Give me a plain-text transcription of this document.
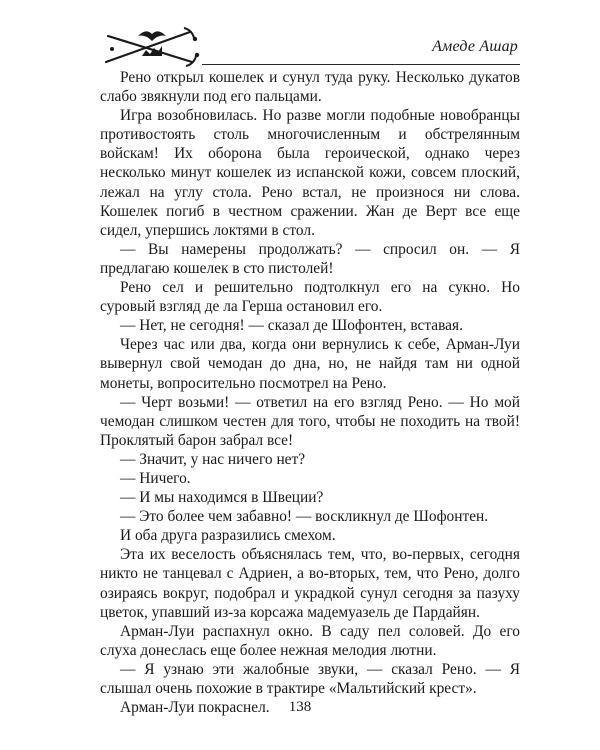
Амеде Ашар

Рено открыл кошелек и сунул туда руку. Несколько дукатов слабо звякнули под его пальцами.

Игра возобновилась. Но разве могли подобные новобранцы противостоять столь многочисленным и обстрелянным войскам! Их оборона была героической, однако через несколько минут кошелек из испанской кожи, совсем плоский, лежал на углу стола. Рено встал, не произнося ни слова. Кошелек погиб в честном сражении. Жан де Верт все еще сидел, упершись локтями в стол.

— Вы намерены продолжать? — спросил он. — Я предлагаю кошелек в сто пистолей!

Рено сел и решительно подтолкнул его на сукно. Но суровый взгляд де ла Герша остановил его.

— Нет, не сегодня! — сказал де Шофонтен, вставая.

Через час или два, когда они вернулись к себе, Арман-Луи вывернул свой чемодан до дна, но, не найдя там ни одной монеты, вопросительно посмотрел на Рено.

— Черт возьми! — ответил на его взгляд Рено. — Но мой чемодан слишком честен для того, чтобы не походить на твой! Проклятый барон забрал все!

— Значит, у нас ничего нет?

— Ничего.

— И мы находимся в Швеции?

— Это более чем забавно! — воскликнул де Шофонтен.

И оба друга разразились смехом.

Эта их веселость объяснялась тем, что, во-первых, сегодня никто не танцевал с Адриен, а во-вторых, тем, что Рено, долго озираясь вокруг, подобрал и украдкой сунул сегодня за пазуху цветок, упавший из-за корсажа мадемуазель де Пардайян.

Арман-Луи распахнул окно. В саду пел соловей. До его слуха донеслась еще более нежная мелодия лютни.

— Я узнаю эти жалобные звуки, — сказал Рено. — Я слышал очень похожие в трактире «Мальтийский крест».

Арман-Луи покраснел.	138
